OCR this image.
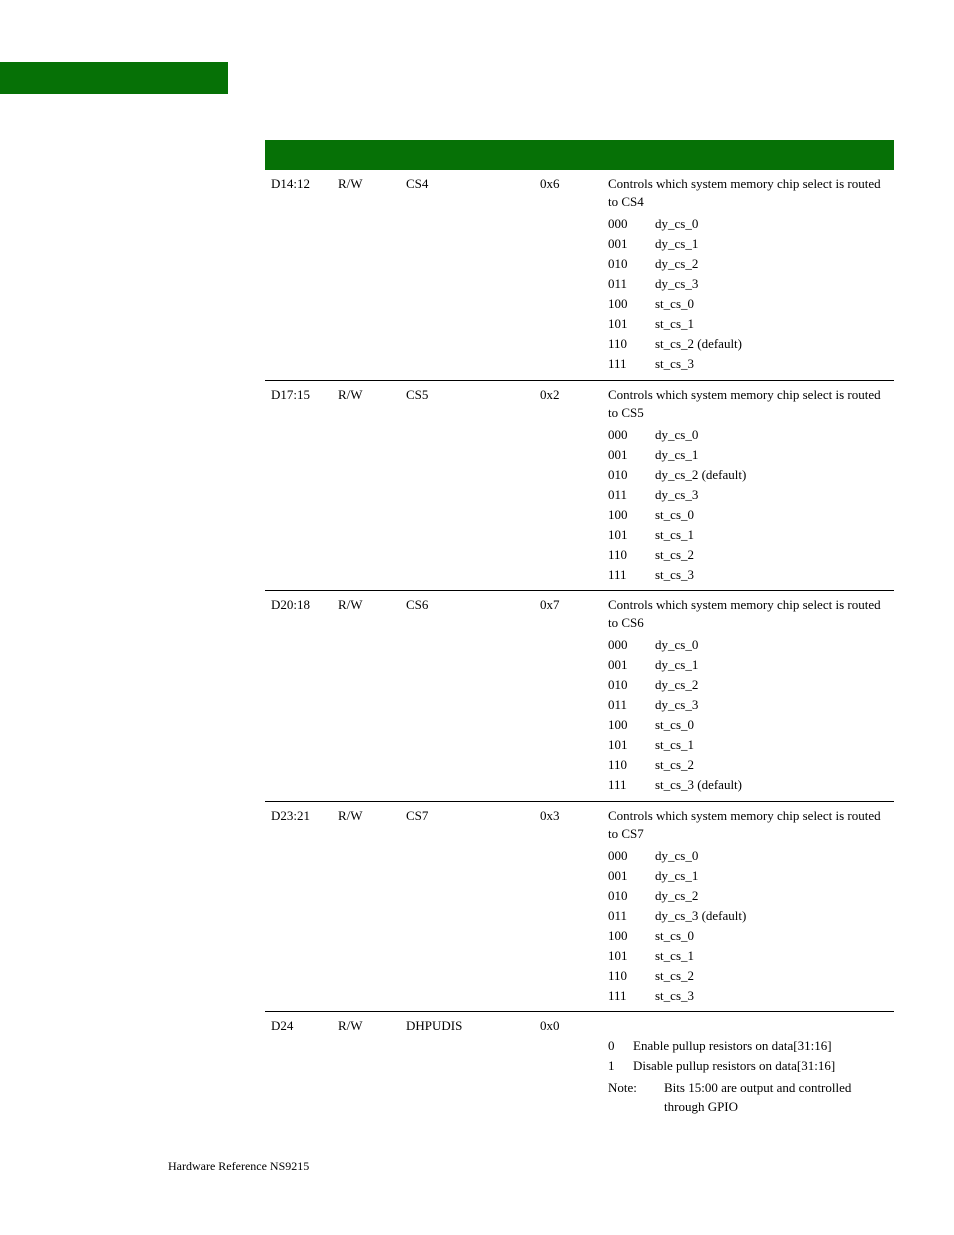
D14:12 R/W	CS4	0x6	Controls which system memory chip select is routed to CS4
000 dy_cs_0
001 dy_cs_1
010 dy_cs_2
011 dy_cs_3
100 st_cs_0
101 st_cs_1
110 st_cs_2 (default)
111 st_cs_3
D17:15 R/W	CS5	0x2	Controls which system memory chip select is routed to CS5
000 dy_cs_0
001 dy_cs_1
010 dy_cs_2 (default)
011 dy_cs_3
100 st_cs_0
101 st_cs_1
110 st_cs_2
111 st_cs_3
D20:18 R/W	CS6	0x7	Controls which system memory chip select is routed to CS6
000 dy_cs_0
001 dy_cs_1
010 dy_cs_2
011 dy_cs_3
100 st_cs_0
101 st_cs_1
110 st_cs_2
111 st_cs_3 (default)
D23:21 R/W	CS7	0x3	Controls which system memory chip select is routed to CS7
000 dy_cs_0
001 dy_cs_1
010 dy_cs_2
011 dy_cs_3 (default)
100 st_cs_0
101 st_cs_1
110 st_cs_2
111 st_cs_3
D24	R/W	DHPUDIS	0x0
0 Enable pullup resistors on data[31:16]
1 Disable pullup resistors on data[31:16]
Note: Bits 15:00 are output and controlled through GPIO
Hardware Reference NS9215
